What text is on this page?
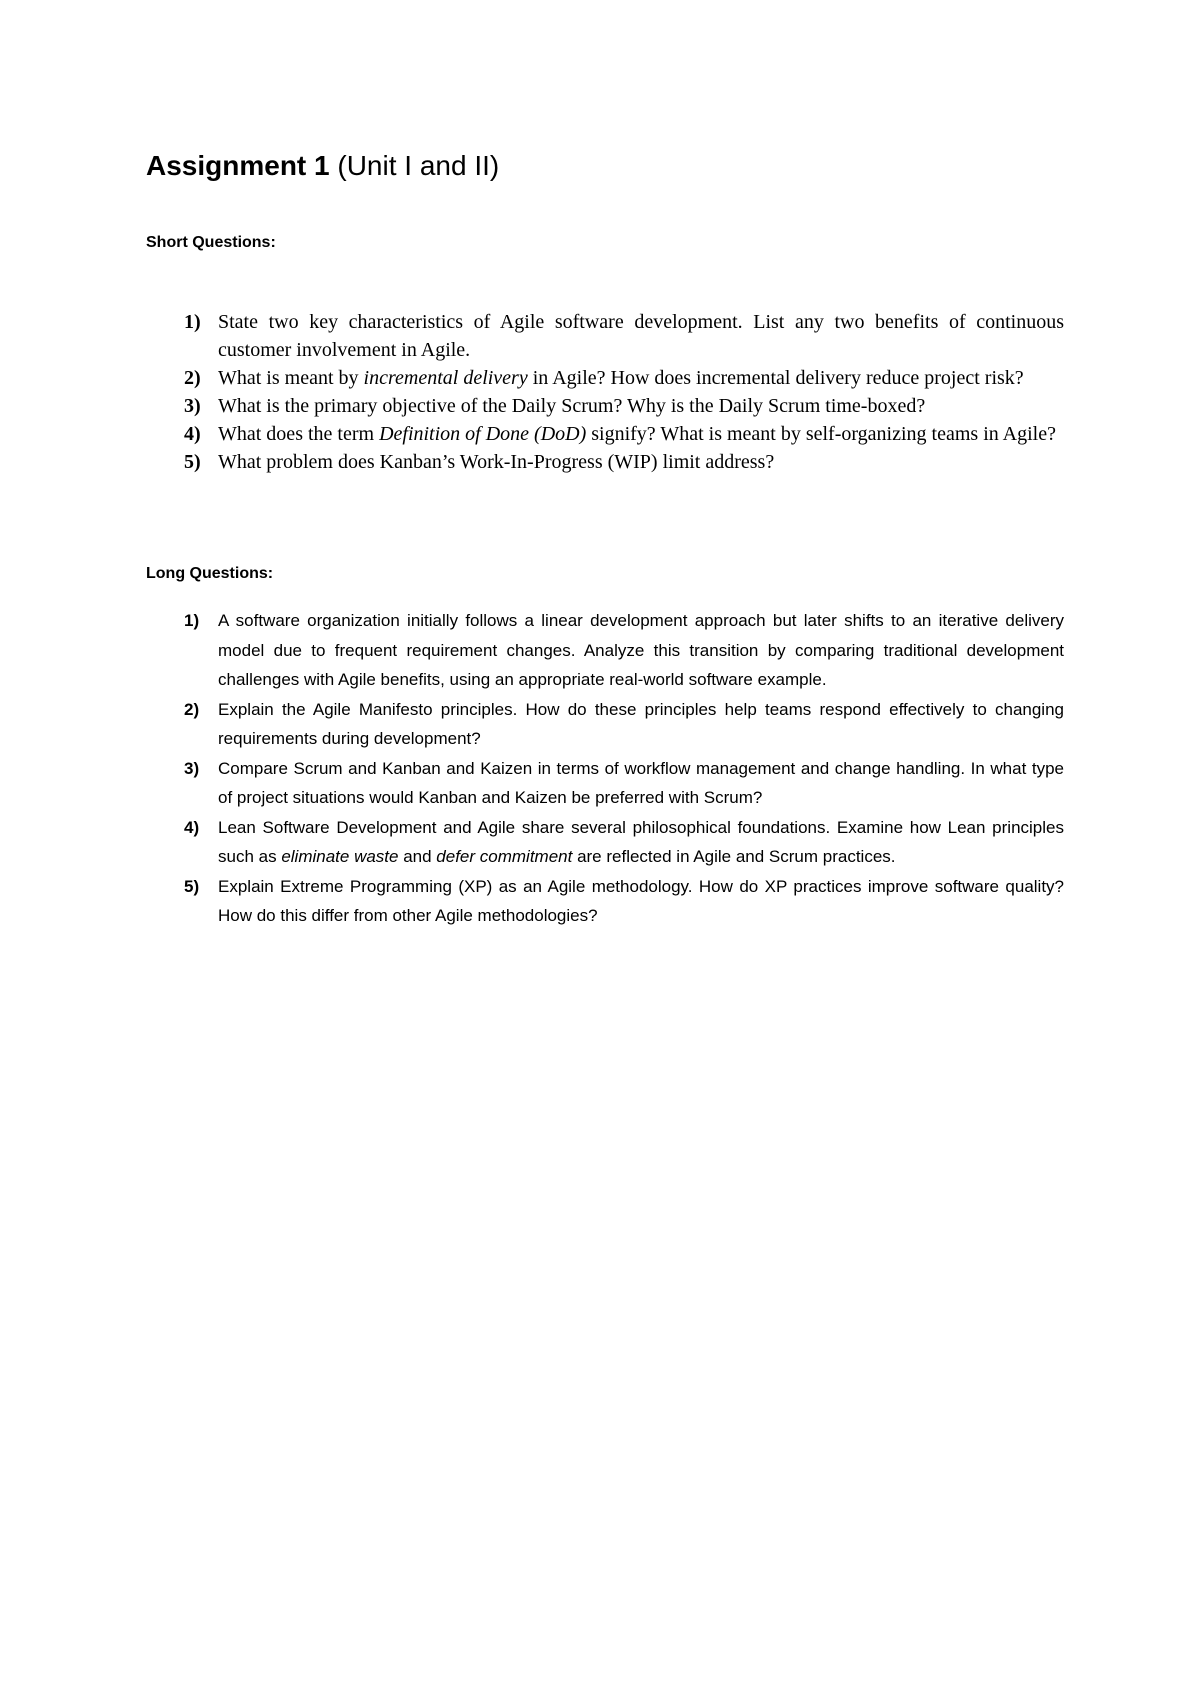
Assignment 1 (Unit I and II)
Short Questions:
1) State two key characteristics of Agile software development. List any two benefits of continuous customer involvement in Agile.
2) What is meant by incremental delivery in Agile? How does incremental delivery reduce project risk?
3) What is the primary objective of the Daily Scrum? Why is the Daily Scrum time-boxed?
4) What does the term Definition of Done (DoD) signify? What is meant by self-organizing teams in Agile?
5) What problem does Kanban’s Work-In-Progress (WIP) limit address?
Long Questions:
1) A software organization initially follows a linear development approach but later shifts to an iterative delivery model due to frequent requirement changes. Analyze this transition by comparing traditional development challenges with Agile benefits, using an appropriate real-world software example.
2) Explain the Agile Manifesto principles. How do these principles help teams respond effectively to changing requirements during development?
3) Compare Scrum and Kanban and Kaizen in terms of workflow management and change handling. In what type of project situations would Kanban and Kaizen be preferred with Scrum?
4) Lean Software Development and Agile share several philosophical foundations. Examine how Lean principles such as eliminate waste and defer commitment are reflected in Agile and Scrum practices.
5) Explain Extreme Programming (XP) as an Agile methodology. How do XP practices improve software quality? How do this differ from other Agile methodologies?
